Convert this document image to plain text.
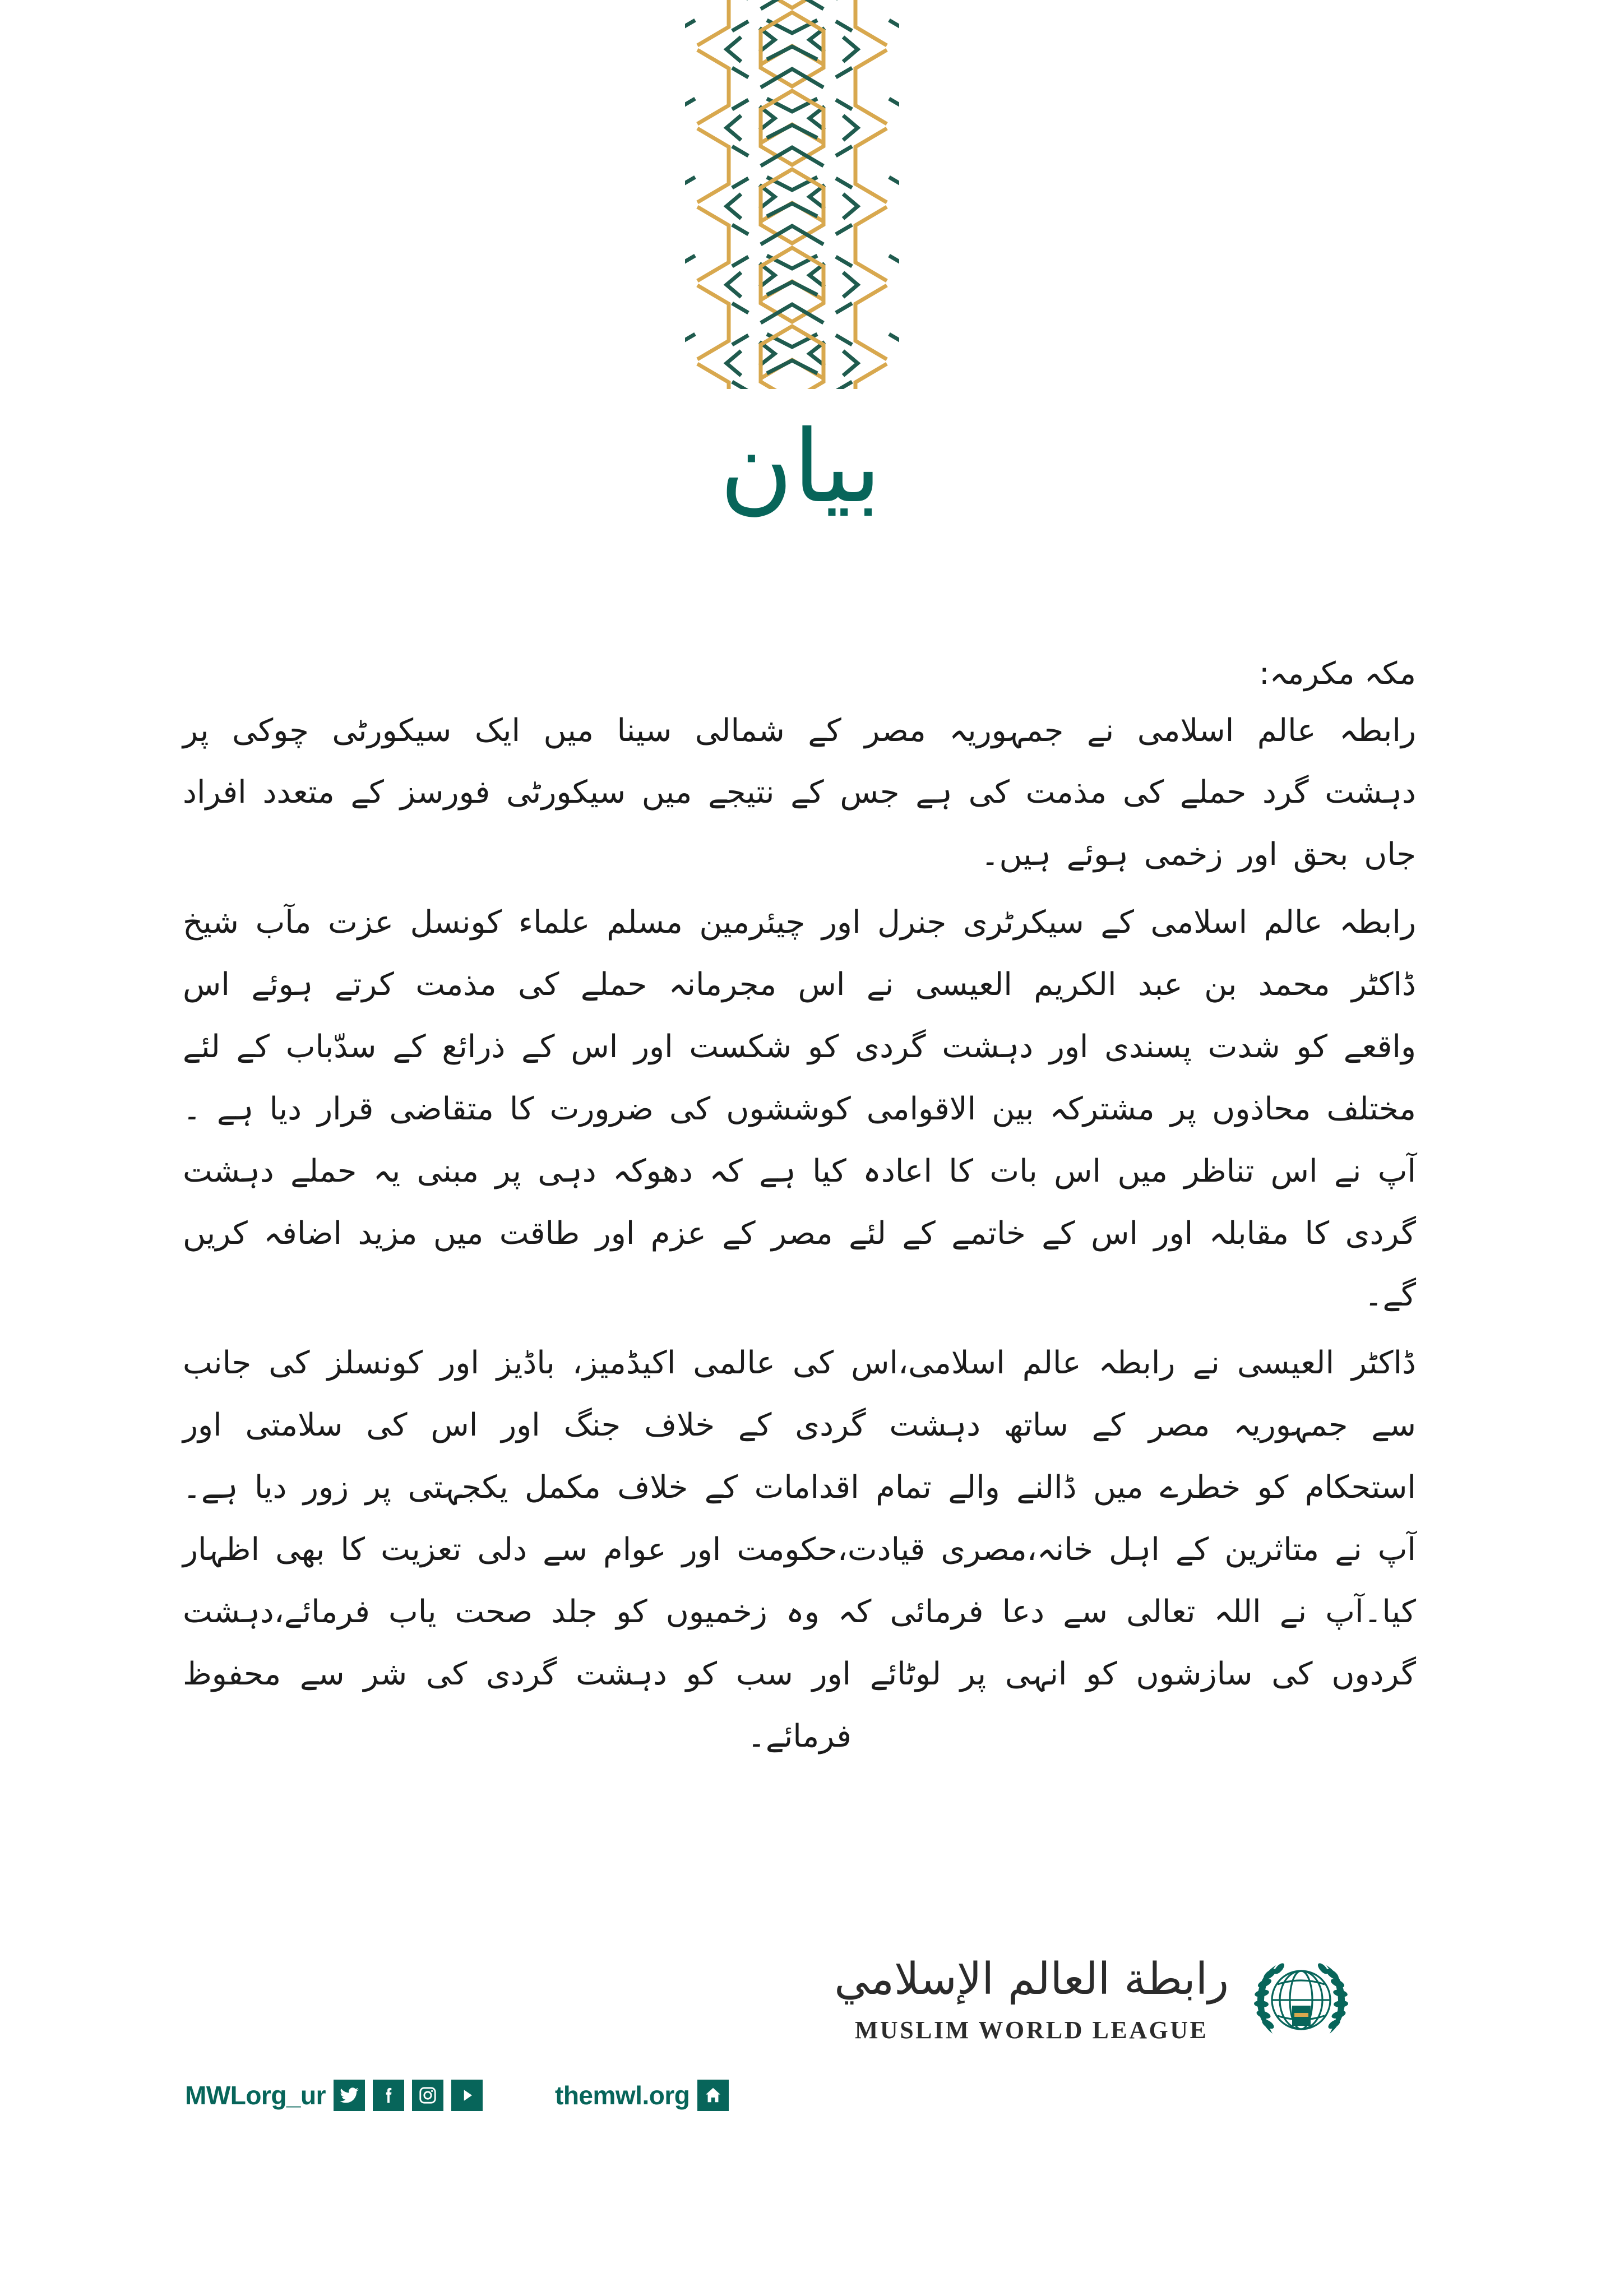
بیان

مکہ مکرمہ:

رابطہ عالم اسلامی نے جمہوریہ مصر کے شمالی سینا میں ایک سیکورٹی چوکی پر دہشت گرد حملے کی مذمت کی ہے جس کے نتیجے میں سیکورٹی فورسز کے متعدد افراد جاں بحق اور زخمی ہوئے ہیں۔

رابطہ عالم اسلامی کے سیکرٹری جنرل اور چیئرمین مسلم علماء کونسل عزت مآب شیخ ڈاکٹر محمد بن عبد الکریم العیسی نے اس مجرمانہ حملے کی مذمت کرتے ہوئے اس واقعے کو شدت پسندی اور دہشت گردی کو شکست اور اس کے ذرائع کے سدّباب کے لئے مختلف محاذوں پر مشترکہ بین الاقوامی کوششوں کی ضرورت کا متقاضی قرار دیا ہے ۔آپ نے اس تناظر میں اس بات کا اعادہ کیا ہے کہ دھوکہ دہی پر مبنی یہ حملے دہشت گردی کا مقابلہ اور اس کے خاتمے کے لئے مصر کے عزم اور طاقت میں مزید اضافہ کریں گے۔

ڈاکٹر العیسی نے رابطہ عالم اسلامی،اس کی عالمی اکیڈمیز، باڈیز اور کونسلز کی جانب سے جمہوریہ مصر کے ساتھ دہشت گردی کے خلاف جنگ اور اس کی سلامتی اور استحکام کو خطرے میں ڈالنے والے تمام اقدامات کے خلاف مکمل یکجہتی پر زور دیا ہے۔آپ نے متاثرین کے اہل خانہ،مصری قیادت،حکومت اور عوام سے دلی تعزیت کا بھی اظہار کیا۔آپ نے اللہ تعالی سے دعا فرمائی کہ وہ زخمیوں کو جلد صحت یاب فرمائے،دہشت گردوں کی سازشوں کو انہی پر لوٹائے اور سب کو دہشت گردی کی شر سے محفوظ فرمائے۔

MWLorg_ur	themwl.org
رابطة العالم الإسلامي
MUSLIM WORLD LEAGUE
